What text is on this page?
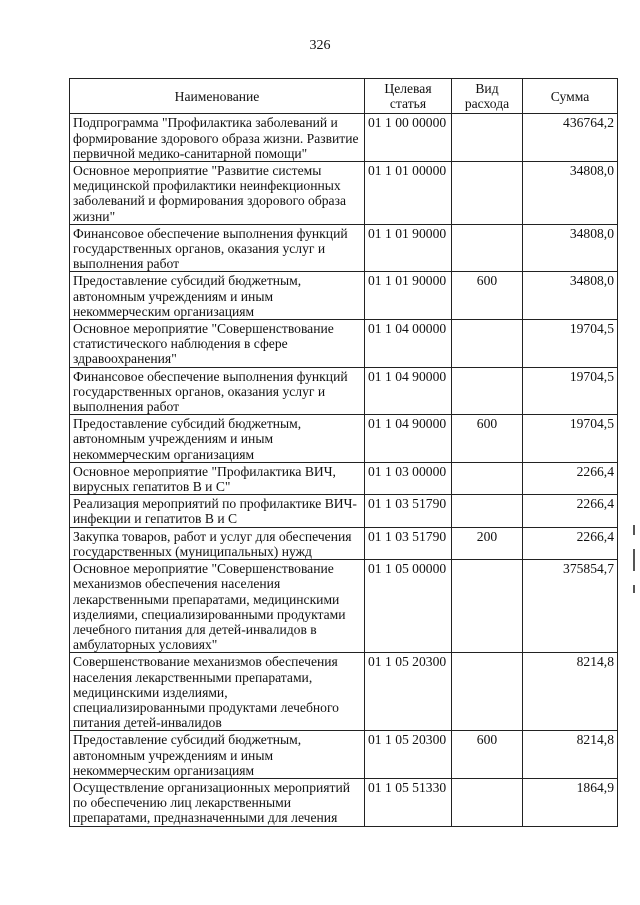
326
Наименование	Целевая статья	Вид расхода	Сумма
Подпрограмма "Профилактика заболеваний и формирование здорового образа жизни. Развитие первичной медико-санитарной помощи"	01 1 00 00000		436764,2
Основное мероприятие "Развитие системы медицинской профилактики неинфекционных заболеваний и формирования здорового образа жизни"	01 1 01 00000		34808,0
Финансовое обеспечение выполнения функций государственных органов, оказания услуг и выполнения работ	01 1 01 90000		34808,0
Предоставление субсидий бюджетным, автономным учреждениям и иным некоммерческим организациям	01 1 01 90000	600	34808,0
Основное мероприятие "Совершенствование статистического наблюдения в сфере здравоохранения"	01 1 04 00000		19704,5
Финансовое обеспечение выполнения функций государственных органов, оказания услуг и выполнения работ	01 1 04 90000		19704,5
Предоставление субсидий бюджетным, автономным учреждениям и иным некоммерческим организациям	01 1 04 90000	600	19704,5
Основное мероприятие "Профилактика ВИЧ, вирусных гепатитов В и С"	01 1 03 00000		2266,4
Реализация мероприятий по профилактике ВИЧ-инфекции и гепатитов В и С	01 1 03 51790		2266,4
Закупка товаров, работ и услуг для обеспечения государственных (муниципальных) нужд	01 1 03 51790	200	2266,4
Основное мероприятие "Совершенствование механизмов обеспечения населения лекарственными препаратами, медицинскими изделиями, специализированными продуктами лечебного питания для детей-инвалидов в амбулаторных условиях"	01 1 05 00000		375854,7
Совершенствование механизмов обеспечения населения лекарственными препаратами, медицинскими изделиями, специализированными продуктами лечебного питания детей-инвалидов	01 1 05 20300		8214,8
Предоставление субсидий бюджетным, автономным учреждениям и иным некоммерческим организациям	01 1 05 20300	600	8214,8
Осуществление организационных мероприятий по обеспечению лиц лекарственными препаратами, предназначенными для лечения	01 1 05 51330		1864,9
